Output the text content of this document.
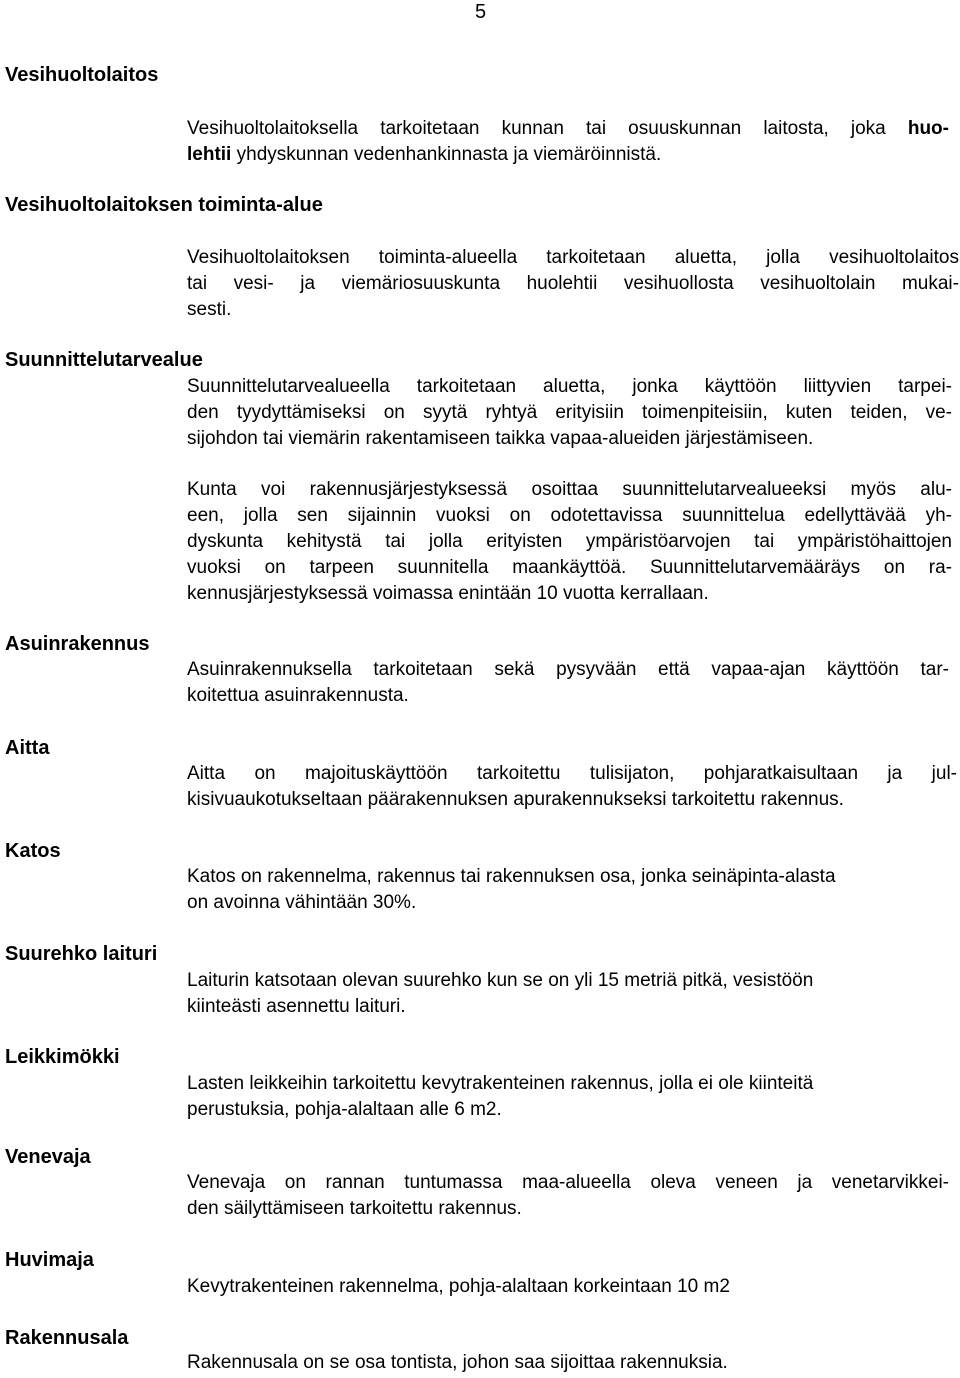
5
Vesihuoltolaitos
Vesihuoltolaitoksella tarkoitetaan kunnan tai osuuskunnan laitosta, joka huo-
lehtii yhdyskunnan vedenhankinnasta ja viemäröinnistä.
Vesihuoltolaitoksen toiminta-alue
Vesihuoltolaitoksen toiminta-alueella tarkoitetaan aluetta, jolla vesihuoltolaitos
tai vesi- ja viemäriosuuskunta huolehtii vesihuollosta vesihuoltolain mukai-
sesti.
Suunnittelutarvealue
Suunnittelutarvealueella tarkoitetaan aluetta, jonka käyttöön liittyvien tarpei-
den tyydyttämiseksi on syytä ryhtyä erityisiin toimenpiteisiin, kuten teiden, ve-
sijohdon tai viemärin rakentamiseen taikka vapaa-alueiden järjestämiseen.
Kunta voi rakennusjärjestyksessä osoittaa suunnittelutarvealueeksi myös alu-
een, jolla sen sijainnin vuoksi on odotettavissa suunnittelua edellyttävää yh-
dyskunta kehitystä tai jolla erityisten ympäristöarvojen tai ympäristöhaittojen
vuoksi on tarpeen suunnitella maankäyttöä. Suunnittelutarvemääräys on ra-
kennusjärjestyksessä voimassa enintään 10 vuotta kerrallaan.
Asuinrakennus
Asuinrakennuksella tarkoitetaan sekä pysyvään että vapaa-ajan käyttöön tar-
koitettua asuinrakennusta.
Aitta
Aitta on majoituskäyttöön tarkoitettu tulisijaton, pohjaratkaisultaan ja jul-
kisivuaukotukseltaan päärakennuksen apurakennukseksi tarkoitettu rakennus.
Katos
Katos on rakennelma, rakennus tai rakennuksen osa, jonka seinäpinta-alasta
on avoinna vähintään 30%.
Suurehko laituri
Laiturin katsotaan olevan suurehko kun se on yli 15 metriä pitkä, vesistöön
kiinteästi asennettu laituri.
Leikkimökki
Lasten leikkeihin tarkoitettu kevytrakenteinen rakennus, jolla ei ole kiinteitä
perustuksia, pohja-alaltaan alle 6 m2.
Venevaja
Venevaja on rannan tuntumassa maa-alueella oleva veneen ja venetarvikkei-
den säilyttämiseen tarkoitettu rakennus.
Huvimaja
Kevytrakenteinen rakennelma, pohja-alaltaan korkeintaan 10 m2
Rakennusala
Rakennusala on se osa tontista, johon saa sijoittaa rakennuksia.
